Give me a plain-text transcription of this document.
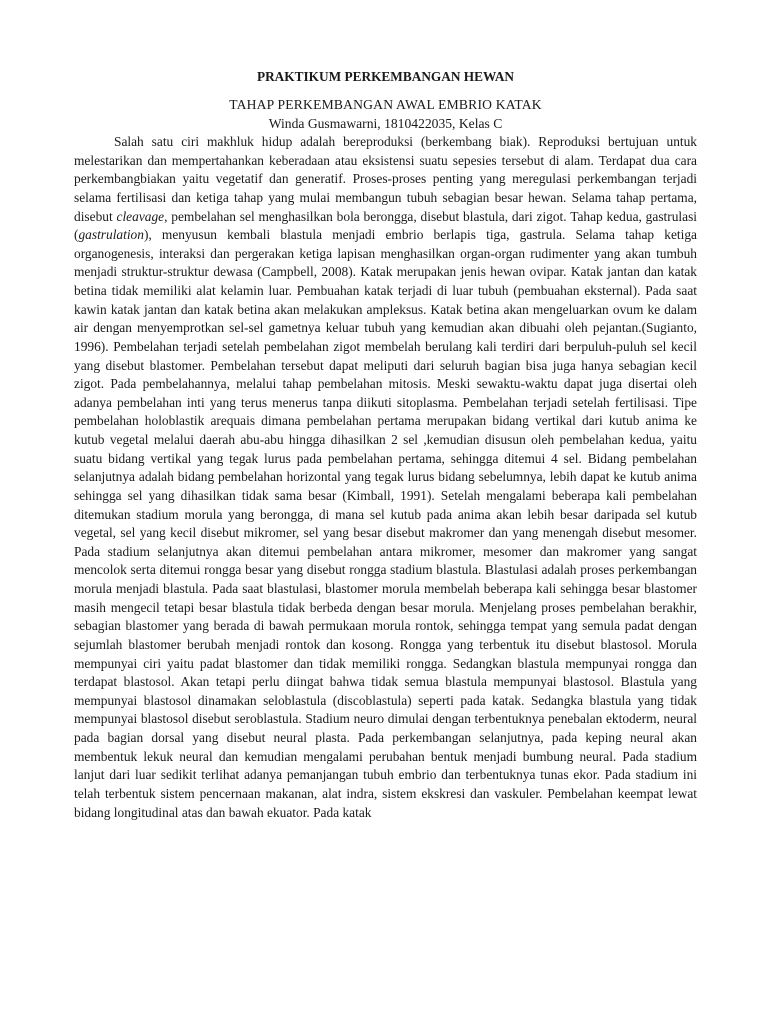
PRAKTIKUM PERKEMBANGAN HEWAN
TAHAP PERKEMBANGAN AWAL EMBRIO KATAK
Winda Gusmawarni, 1810422035, Kelas C

Salah satu ciri makhluk hidup adalah bereproduksi (berkembang biak). Reproduksi bertujuan untuk melestarikan dan mempertahankan keberadaan atau eksistensi suatu sepesies tersebut di alam. Terdapat dua cara perkembangbiakan yaitu vegetatif dan generatif. Proses-proses penting yang meregulasi perkembangan terjadi selama fertilisasi dan ketiga tahap yang mulai membangun tubuh sebagian besar hewan. Selama tahap pertama, disebut cleavage, pembelahan sel menghasilkan bola berongga, disebut blastula, dari zigot. Tahap kedua, gastrulasi (gastrulation), menyusun kembali blastula menjadi embrio berlapis tiga, gastrula. Selama tahap ketiga organogenesis, interaksi dan pergerakan ketiga lapisan menghasilkan organ-organ rudimenter yang akan tumbuh menjadi struktur-struktur dewasa (Campbell, 2008). Katak merupakan jenis hewan ovipar. Katak jantan dan katak betina tidak memiliki alat kelamin luar. Pembuahan katak terjadi di luar tubuh (pembuahan eksternal). Pada saat kawin katak jantan dan katak betina akan melakukan ampleksus. Katak betina akan mengeluarkan ovum ke dalam air dengan menyemprotkan sel-sel gametnya keluar tubuh yang kemudian akan dibuahi oleh pejantan.(Sugianto, 1996). Pembelahan terjadi setelah pembelahan zigot membelah berulang kali terdiri dari berpuluh-puluh sel kecil yang disebut blastomer. Pembelahan tersebut dapat meliputi dari seluruh bagian bisa juga hanya sebagian kecil zigot. Pada pembelahannya, melalui tahap pembelahan mitosis. Meski sewaktu-waktu dapat juga disertai oleh adanya pembelahan inti yang terus menerus tanpa diikuti sitoplasma. Pembelahan terjadi setelah fertilisasi. Tipe pembelahan holoblastik arequais dimana pembelahan pertama merupakan bidang vertikal dari kutub anima ke kutub vegetal melalui daerah abu-abu hingga dihasilkan 2 sel ,kemudian disusun oleh pembelahan kedua, yaitu suatu bidang vertikal yang tegak lurus pada pembelahan pertama, sehingga ditemui 4 sel. Bidang pembelahan selanjutnya adalah bidang pembelahan horizontal yang tegak lurus bidang sebelumnya, lebih dapat ke kutub anima sehingga sel yang dihasilkan tidak sama besar (Kimball, 1991). Setelah mengalami beberapa kali pembelahan ditemukan stadium morula yang berongga, di mana sel kutub pada anima akan lebih besar daripada sel kutub vegetal, sel yang kecil disebut mikromer, sel yang besar disebut makromer dan yang menengah disebut mesomer. Pada stadium selanjutnya akan ditemui pembelahan antara mikromer, mesomer dan makromer yang sangat mencolok serta ditemui rongga besar yang disebut rongga stadium blastula. Blastulasi adalah proses perkembangan morula menjadi blastula. Pada saat blastulasi, blastomer morula membelah beberapa kali sehingga besar blastomer masih mengecil tetapi besar blastula tidak berbeda dengan besar morula. Menjelang proses pembelahan berakhir, sebagian blastomer yang berada di bawah permukaan morula rontok, sehingga tempat yang semula padat dengan sejumlah blastomer berubah menjadi rontok dan kosong. Rongga yang terbentuk itu disebut blastosol. Morula mempunyai ciri yaitu padat blastomer dan tidak memiliki rongga. Sedangkan blastula mempunyai rongga dan terdapat blastosol. Akan tetapi perlu diingat bahwa tidak semua blastula mempunyai blastosol. Blastula yang mempunyai blastosol dinamakan seloblastula (discoblastula) seperti pada katak. Sedangka blastula yang tidak mempunyai blastosol disebut seroblastula. Stadium neuro dimulai dengan terbentuknya penebalan ektoderm, neural pada bagian dorsal yang disebut neural plasta. Pada perkembangan selanjutnya, pada keping neural akan membentuk lekuk neural dan kemudian mengalami perubahan bentuk menjadi bumbung neural. Pada stadium lanjut dari luar sedikit terlihat adanya pemanjangan tubuh embrio dan terbentuknya tunas ekor. Pada stadium ini telah terbentuk sistem pencernaan makanan, alat indra, sistem ekskresi dan vaskuler. Pembelahan keempat lewat bidang longitudinal atas dan bawah ekuator. Pada katak
